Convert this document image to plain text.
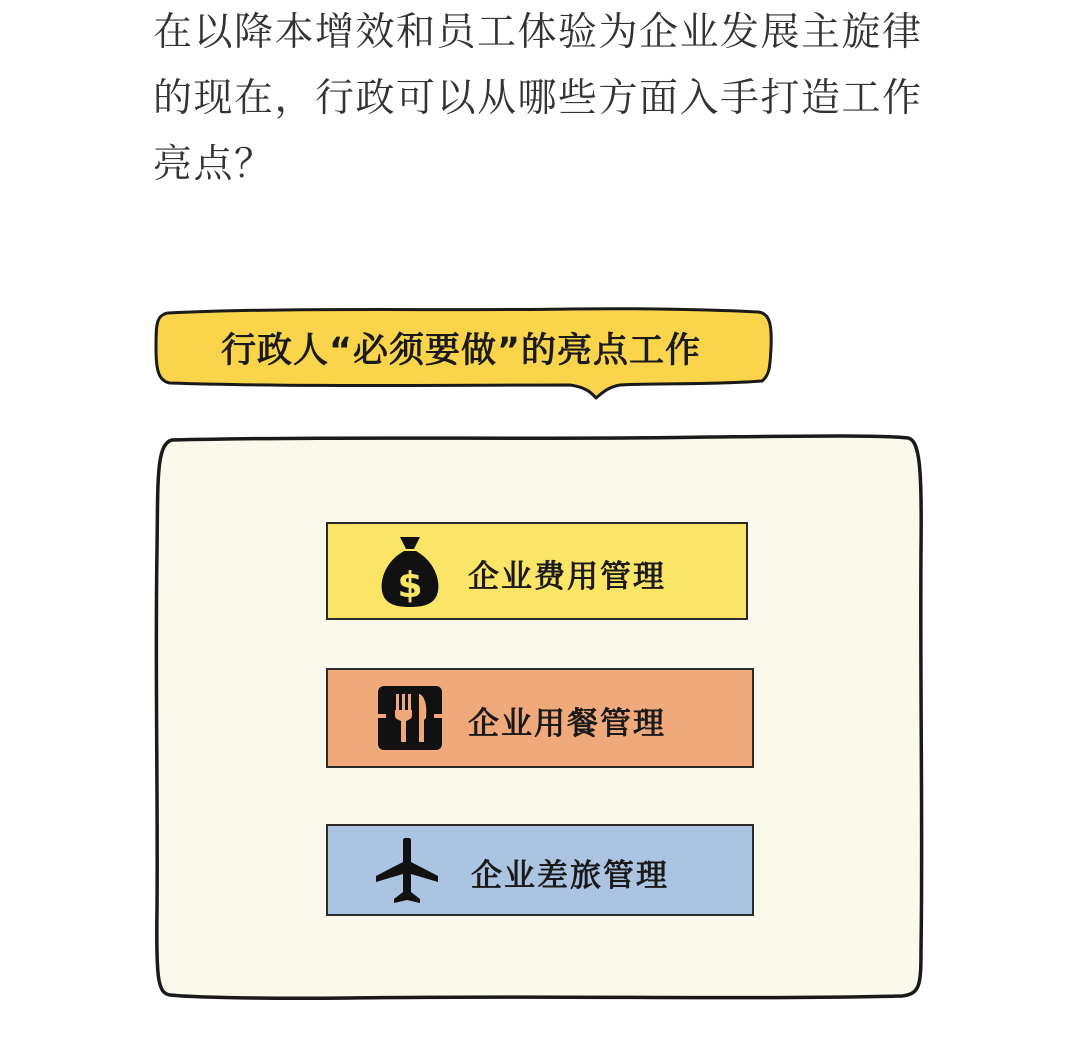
在以降本增效和员工体验为企业发展主旋律的现在，行政可以从哪些方面入手打造工作亮点？

行政人“必须要做”的亮点工作
$ 企业费用管理
企业用餐管理
企业差旅管理
